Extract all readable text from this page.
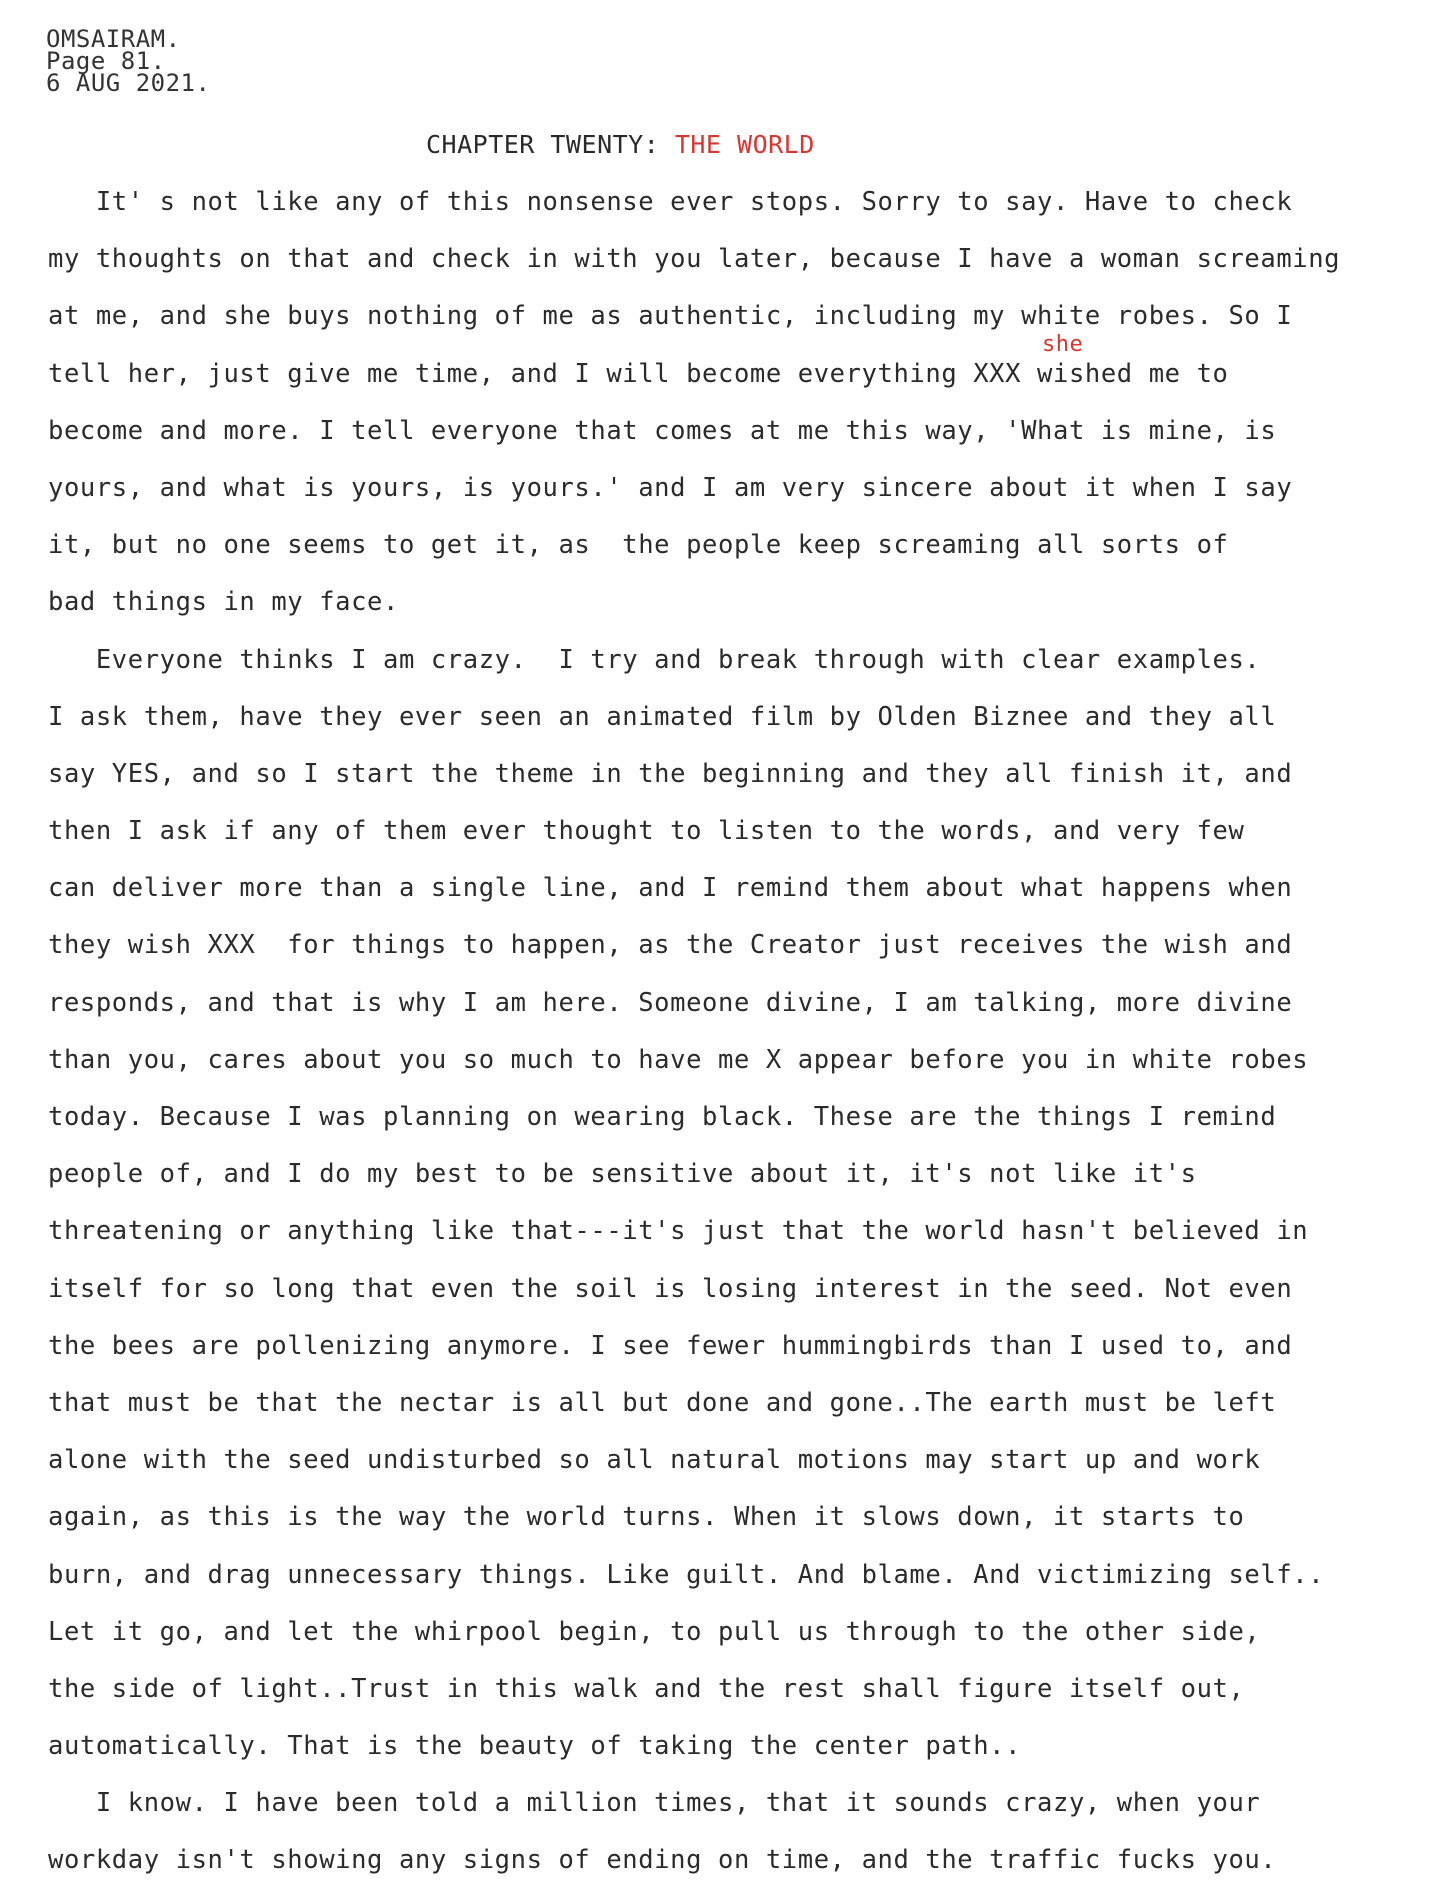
OMSAIRAM.
Page 81.
6 AUG 2021.
CHAPTER TWENTY: THE WORLD
she
It' s not like any of this nonsense ever stops. Sorry to say. Have to check
my thoughts on that and check in with you later, because I have a woman screaming
at me, and she buys nothing of me as authentic, including my white robes. So I
tell her, just give me time, and I will become everything XXX wished me to
become and more. I tell everyone that comes at me this way, 'What is mine, is
yours, and what is yours, is yours.' and I am very sincere about it when I say
it, but no one seems to get it, as  the people keep screaming all sorts of
bad things in my face.
Everyone thinks I am crazy.  I try and break through with clear examples.
I ask them, have they ever seen an animated film by Olden Biznee and they all
say YES, and so I start the theme in the beginning and they all finish it, and
then I ask if any of them ever thought to listen to the words, and very few
can deliver more than a single line, and I remind them about what happens when
they wish XXX  for things to happen, as the Creator just receives the wish and
responds, and that is why I am here. Someone divine, I am talking, more divine
than you, cares about you so much to have me X appear before you in white robes
today. Because I was planning on wearing black. These are the things I remind
people of, and I do my best to be sensitive about it, it's not like it's
threatening or anything like that---it's just that the world hasn't believed in
itself for so long that even the soil is losing interest in the seed. Not even
the bees are pollenizing anymore. I see fewer hummingbirds than I used to, and
that must be that the nectar is all but done and gone..The earth must be left
alone with the seed undisturbed so all natural motions may start up and work
again, as this is the way the world turns. When it slows down, it starts to
burn, and drag unnecessary things. Like guilt. And blame. And victimizing self..
Let it go, and let the whirpool begin, to pull us through to the other side,
the side of light..Trust in this walk and the rest shall figure itself out,
automatically. That is the beauty of taking the center path..
I know. I have been told a million times, that it sounds crazy, when your
workday isn't showing any signs of ending on time, and the traffic fucks you.
